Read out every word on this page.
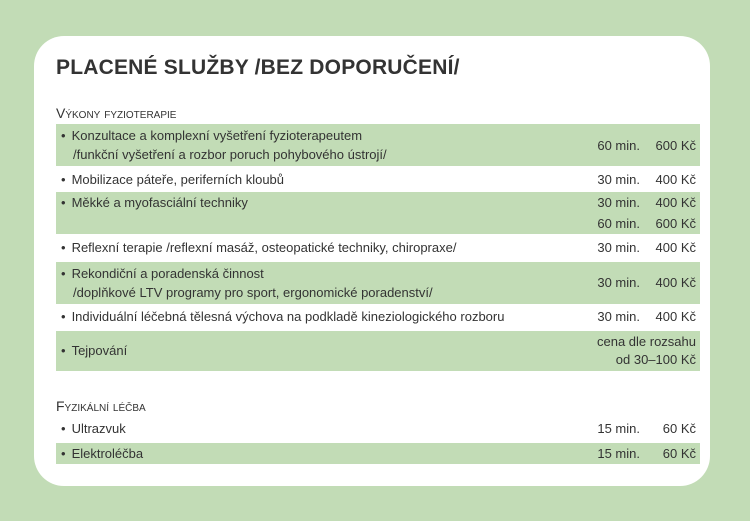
PLACENÉ SLUŽBY /BEZ DOPORUČENÍ/
Výkony fyzioterapie
• Konzultace a komplexní vyšetření fyzioterapeutem
/funkční vyšetření a rozbor poruch pohybového ústrojí/
60 min. 600 Kč
• Mobilizace páteře, periferních kloubů	30 min. 400 Kč
• Měkké a myofasciální techniky	30 min. 400 Kč
60 min. 600 Kč
• Reflexní terapie /reflexní masáž, osteopatické techniky, chiropraxe/	30 min. 400 Kč
• Rekondiční a poradenská činnost
/doplňkové LTV programy pro sport, ergonomické poradenství/
30 min. 400 Kč
• Individuální léčebná tělesná výchova na podkladě kineziologického rozboru	30 min. 400 Kč
• Tejpování
cena dle rozsahu
od 30–100 Kč
Fyzikální léčba
• Ultrazvuk	15 min. 60 Kč
• Elektroléčba	15 min. 60 Kč
